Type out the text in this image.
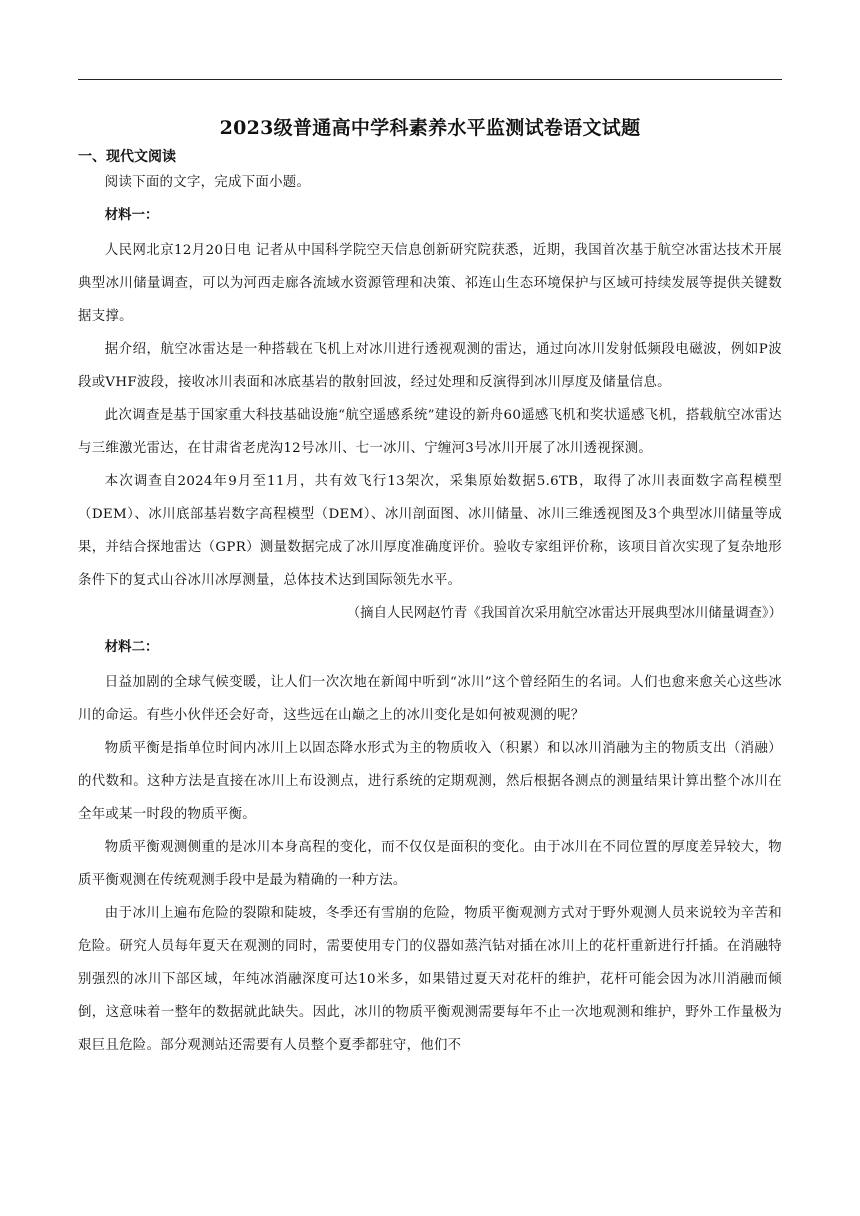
2023级普通高中学科素养水平监测试卷语文试题

一、现代文阅读

阅读下面的文字，完成下面小题。

材料一：

人民网北京12月20日电 记者从中国科学院空天信息创新研究院获悉，近期，我国首次基于航空冰雷达技术开展典型冰川储量调查，可以为河西走廊各流域水资源管理和决策、祁连山生态环境保护与区域可持续发展等提供关键数据支撑。

据介绍，航空冰雷达是一种搭载在飞机上对冰川进行透视观测的雷达，通过向冰川发射低频段电磁波，例如P波段或VHF波段，接收冰川表面和冰底基岩的散射回波，经过处理和反演得到冰川厚度及储量信息。

此次调查是基于国家重大科技基础设施“航空遥感系统”建设的新舟60遥感飞机和奖状遥感飞机，搭载航空冰雷达与三维激光雷达，在甘肃省老虎沟12号冰川、七一冰川、宁缠河3号冰川开展了冰川透视探测。

本次调查自2024年9月至11月，共有效飞行13架次，采集原始数据5.6TB，取得了冰川表面数字高程模型（DEM）、冰川底部基岩数字高程模型（DEM）、冰川剖面图、冰川储量、冰川三维透视图及3个典型冰川储量等成果，并结合探地雷达（GPR）测量数据完成了冰川厚度准确度评价。验收专家组评价称，该项目首次实现了复杂地形条件下的复式山谷冰川冰厚测量，总体技术达到国际领先水平。

（摘自人民网赵竹青《我国首次采用航空冰雷达开展典型冰川储量调查》）

材料二：

日益加剧的全球气候变暖，让人们一次次地在新闻中听到“冰川”这个曾经陌生的名词。人们也愈来愈关心这些冰川的命运。有些小伙伴还会好奇，这些远在山巅之上的冰川变化是如何被观测的呢？

物质平衡是指单位时间内冰川上以固态降水形式为主的物质收入（积累）和以冰川消融为主的物质支出（消融）的代数和。这种方法是直接在冰川上布设测点，进行系统的定期观测，然后根据各测点的测量结果计算出整个冰川在全年或某一时段的物质平衡。

物质平衡观测侧重的是冰川本身高程的变化，而不仅仅是面积的变化。由于冰川在不同位置的厚度差异较大，物质平衡观测在传统观测手段中是最为精确的一种方法。

由于冰川上遍布危险的裂隙和陡坡，冬季还有雪崩的危险，物质平衡观测方式对于野外观测人员来说较为辛苦和危险。研究人员每年夏天在观测的同时，需要使用专门的仪器如蒸汽钻对插在冰川上的花杆重新进行扦插。在消融特别强烈的冰川下部区域，年纯冰消融深度可达10米多，如果错过夏天对花杆的维护，花杆可能会因为冰川消融而倾倒，这意味着一整年的数据就此缺失。因此，冰川的物质平衡观测需要每年不止一次地观测和维护，野外工作量极为艰巨且危险。部分观测站还需要有人员整个夏季都驻守，他们不
